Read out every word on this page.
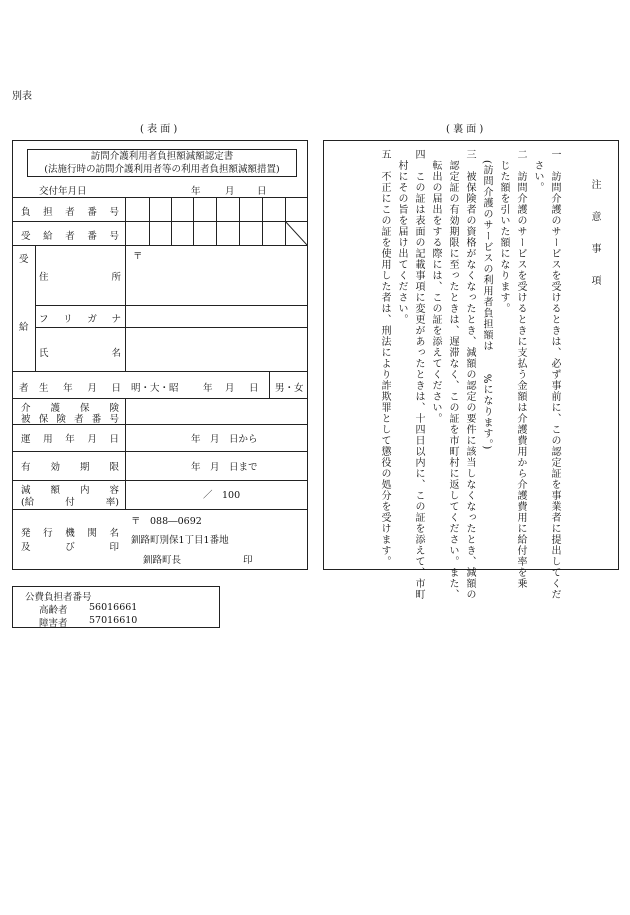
別表
( 表 面 )	( 裏 面 )
訪問介護利用者負担額減額認定書
(法施行時の訪問介護利用者等の利用者負担額減額措置)
交付年月日	年	月 日
負 担 者 番 号
受 給 者 番 号
受
給
者
〒
住	所
フ リ ガ ナ
氏	名
生 年 月 日 明・大・昭	年 月 日 男・女
介 護 保 険
被 保 険 者 番 号
運 用 年 月 日	年　月　日から
有 効 期 限	年　月　日まで
減 額 内 容
(給	付	率)
／　100
発 行 機 関 名
及	び	印
〒　088―0692
釧路町別保1丁目1番地
釧路町長	印
注意事項
一　訪問介護のサービスを受けるときは、必ず事前に、この認定証を事業者に提出してくだ
　さい。
二　訪問介護のサービスを受けるときに支払う金額は介護費用から介護費用に給付率を乗
　じた額を引いた額になります。
　(訪問介護のサービスの利用者負担額は　　%になります。)
三　被保険者の資格がなくなったとき、減額の認定の要件に該当しなくなったとき、減額の
　認定証の有効期限に至ったときは、遅滞なく、この証を市町村に返してください。また、
　転出の届出をする際には、この証を添えてください。
四　この証は表面の記載事項に変更があったときは、十四日以内に、この証を添えて、市町
　村にその旨を届け出てください。
五　不正にこの証を使用した者は、刑法により詐欺罪として懲役の処分を受けます。
公費負担者番号
高齢者 56016661
障害者 57016610
